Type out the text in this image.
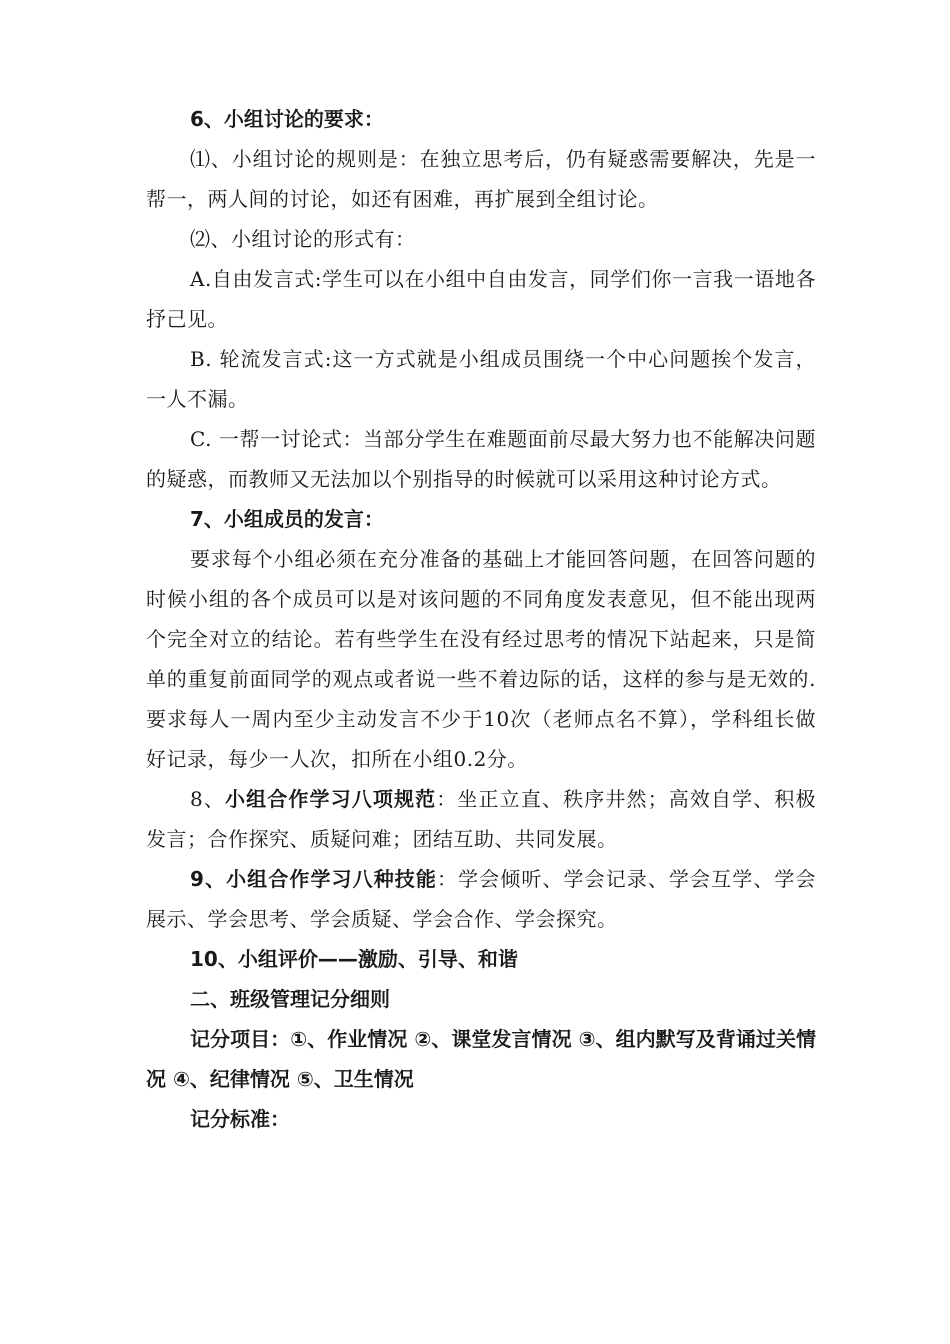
6、小组讨论的要求：

⑴、小组讨论的规则是：在独立思考后，仍有疑惑需要解决，先是一帮一，两人间的讨论，如还有困难，再扩展到全组讨论。

⑵、小组讨论的形式有：

A.自由发言式:学生可以在小组中自由发言，同学们你一言我一语地各抒己见。

B. 轮流发言式:这一方式就是小组成员围绕一个中心问题挨个发言，一人不漏。

C. 一帮一讨论式：当部分学生在难题面前尽最大努力也不能解决问题的疑惑，而教师又无法加以个别指导的时候就可以采用这种讨论方式。

7、小组成员的发言：

要求每个小组必须在充分准备的基础上才能回答问题，在回答问题的时候小组的各个成员可以是对该问题的不同角度发表意见，但不能出现两个完全对立的结论。若有些学生在没有经过思考的情况下站起来，只是简单的重复前面同学的观点或者说一些不着边际的话，这样的参与是无效的. 要求每人一周内至少主动发言不少于10次（老师点名不算），学科组长做好记录，每少一人次，扣所在小组0.2分。

8、小组合作学习八项规范：坐正立直、秩序井然；高效自学、积极发言；合作探究、质疑问难；团结互助、共同发展。

9、小组合作学习八种技能：学会倾听、学会记录、学会互学、学会展示、学会思考、学会质疑、学会合作、学会探究。

10、小组评价——激励、引导、和谐

二、班级管理记分细则

记分项目：①、作业情况 ②、课堂发言情况 ③、组内默写及背诵过关情况 ④、纪律情况 ⑤、卫生情况

记分标准：
